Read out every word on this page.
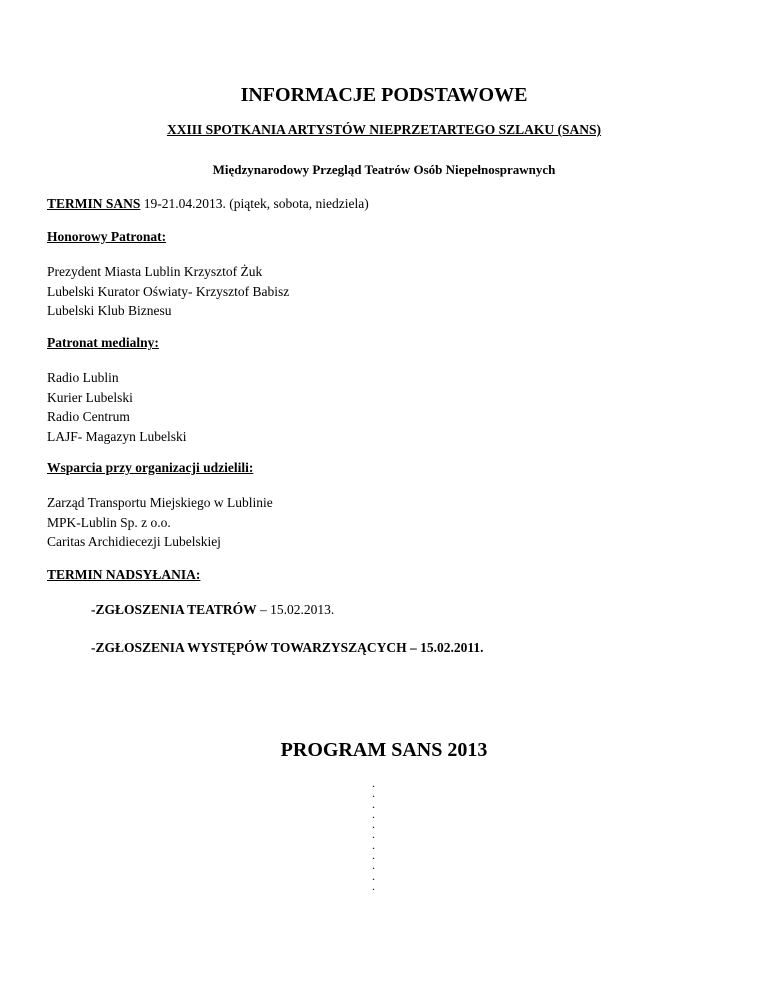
INFORMACJE PODSTAWOWE
XXIII SPOTKANIA ARTYSTÓW NIEPRZETARTEGO SZLAKU (SANS)
Międzynarodowy Przegląd Teatrów Osób Niepełnosprawnych
TERMIN SANS 19-21.04.2013. (piątek, sobota, niedziela)
Honorowy Patronat:
Prezydent Miasta Lublin Krzysztof Żuk
Lubelski Kurator Oświaty- Krzysztof Babisz
Lubelski Klub Biznesu
Patronat medialny:
Radio Lublin
Kurier Lubelski
Radio Centrum
LAJF- Magazyn Lubelski
Wsparcia przy organizacji udzielili:
Zarząd Transportu Miejskiego w Lublinie
MPK-Lublin Sp. z o.o.
Caritas Archidiecezji Lubelskiej
TERMIN NADSYŁANIA:
-ZGŁOSZENIA TEATRÓW – 15.02.2013.
-ZGŁOSZENIA WYSTĘPÓW TOWARZYSZĄCYCH – 15.02.2011.
PROGRAM SANS 2013
.
.
.
.
.
.
.
.
.
.
.
